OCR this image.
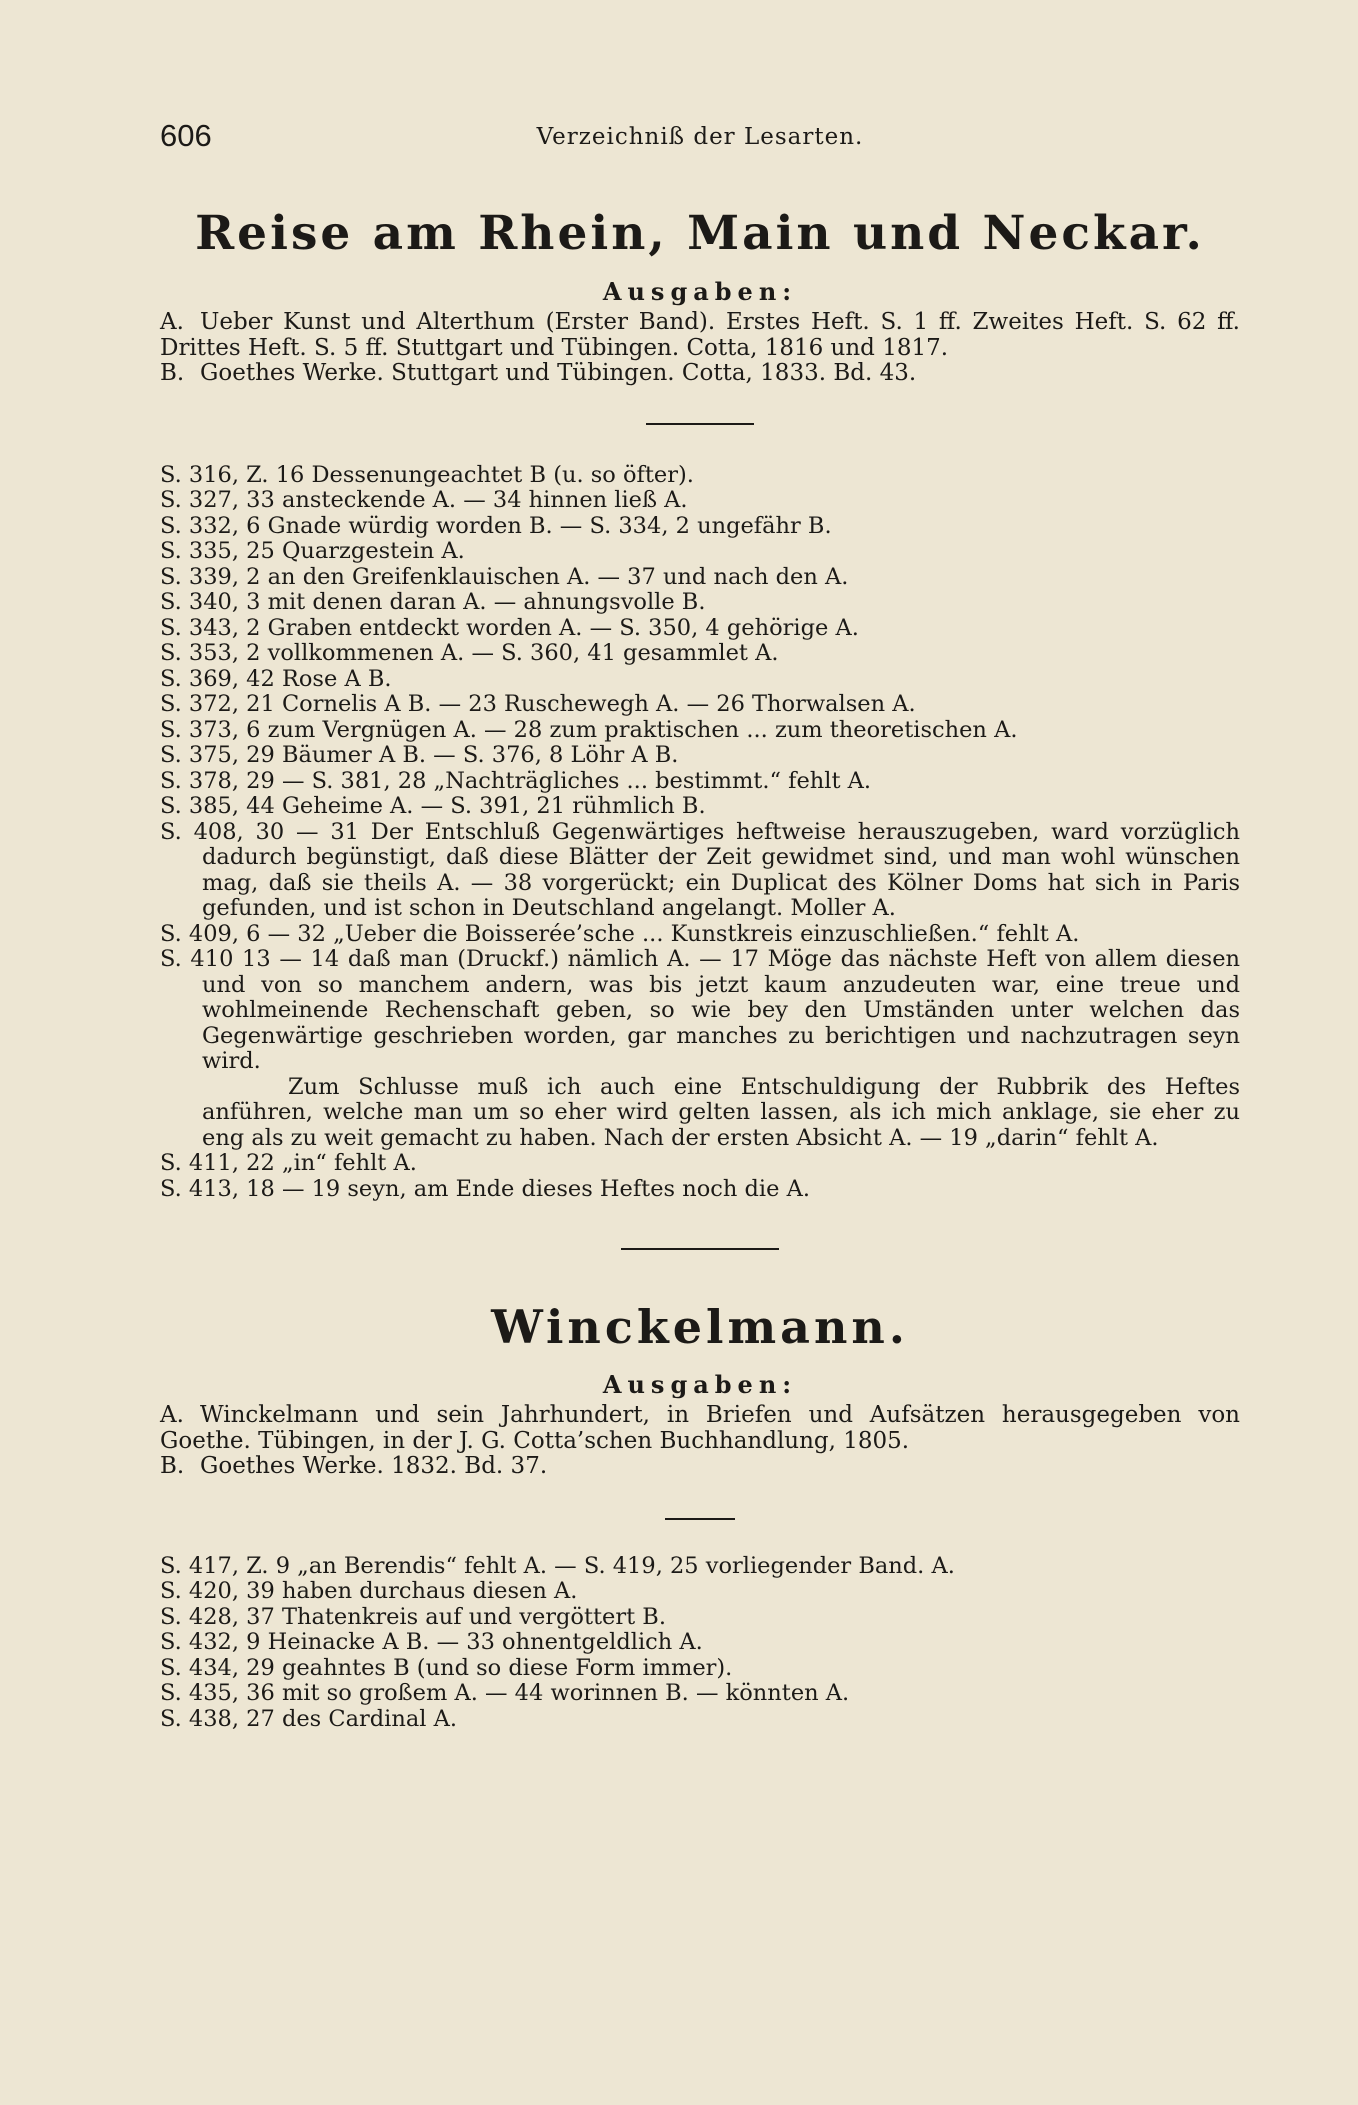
606	Verzeichniß der Lesarten.
Reise am Rhein, Main und Neckar.
Ausgaben:
A. Ueber Kunst und Alterthum (Erster Band). Erstes Heft. S. 1 ff. Zweites Heft. S. 62 ff. Drittes Heft. S. 5 ff. Stuttgart und Tübingen. Cotta, 1816 und 1817.
B. Goethes Werke. Stuttgart und Tübingen. Cotta, 1833. Bd. 43.
S. 316, Z. 16 Dessenungeachtet B (u. so öfter).
S. 327, 33 ansteckende A. — 34 hinnen ließ A.
S. 332, 6 Gnade würdig worden B. — S. 334, 2 ungefähr B.
S. 335, 25 Quarzgestein A.
S. 339, 2 an den Greifenklauischen A. — 37 und nach den A.
S. 340, 3 mit denen daran A. — ahnungsvolle B.
S. 343, 2 Graben entdeckt worden A. — S. 350, 4 gehörige A.
S. 353, 2 vollkommenen A. — S. 360, 41 gesammlet A.
S. 369, 42 Rose A B.
S. 372, 21 Cornelis A B. — 23 Ruschewegh A. — 26 Thorwalsen A.
S. 373, 6 zum Vergnügen A. — 28 zum praktischen ... zum theoretischen A.
S. 375, 29 Bäumer A B. — S. 376, 8 Löhr A B.
S. 378, 29 — S. 381, 28 „Nachträgliches ... bestimmt.“ fehlt A.
S. 385, 44 Geheime A. — S. 391, 21 rühmlich B.
S. 408, 30 — 31 Der Entschluß Gegenwärtiges heftweise herauszugeben, ward vorzüglich dadurch begünstigt, daß diese Blätter der Zeit gewidmet sind, und man wohl wünschen mag, daß sie theils A. — 38 vorgerückt; ein Duplicat des Kölner Doms hat sich in Paris gefunden, und ist schon in Deutschland angelangt. Moller A.
S. 409, 6 — 32 „Ueber die Boisserée’sche ... Kunstkreis einzuschließen.“ fehlt A.
S. 410 13 — 14 daß man (Druckf.) nämlich A. — 17 Möge das nächste Heft von allem diesen und von so manchem andern, was bis jetzt kaum anzudeuten war, eine treue und wohlmeinende Rechenschaft geben, so wie bey den Umständen unter welchen das Gegenwärtige geschrieben worden, gar manches zu berichtigen und nachzutragen seyn wird.
Zum Schlusse muß ich auch eine Entschuldigung der Rubbrik des Heftes anführen, welche man um so eher wird gelten lassen, als ich mich anklage, sie eher zu eng als zu weit gemacht zu haben. Nach der ersten Absicht A. — 19 „darin“ fehlt A.
S. 411, 22 „in“ fehlt A.
S. 413, 18 — 19 seyn, am Ende dieses Heftes noch die A.
Winckelmann.
Ausgaben:
A. Winckelmann und sein Jahrhundert, in Briefen und Aufsätzen herausgegeben von Goethe. Tübingen, in der J. G. Cotta’schen Buchhandlung, 1805.
B. Goethes Werke. 1832. Bd. 37.
S. 417, Z. 9 „an Berendis“ fehlt A. — S. 419, 25 vorliegender Band. A.
S. 420, 39 haben durchaus diesen A.
S. 428, 37 Thatenkreis auf und vergöttert B.
S. 432, 9 Heinacke A B. — 33 ohnentgeldlich A.
S. 434, 29 geahntes B (und so diese Form immer).
S. 435, 36 mit so großem A. — 44 worinnen B. — könnten A.
S. 438, 27 des Cardinal A.
